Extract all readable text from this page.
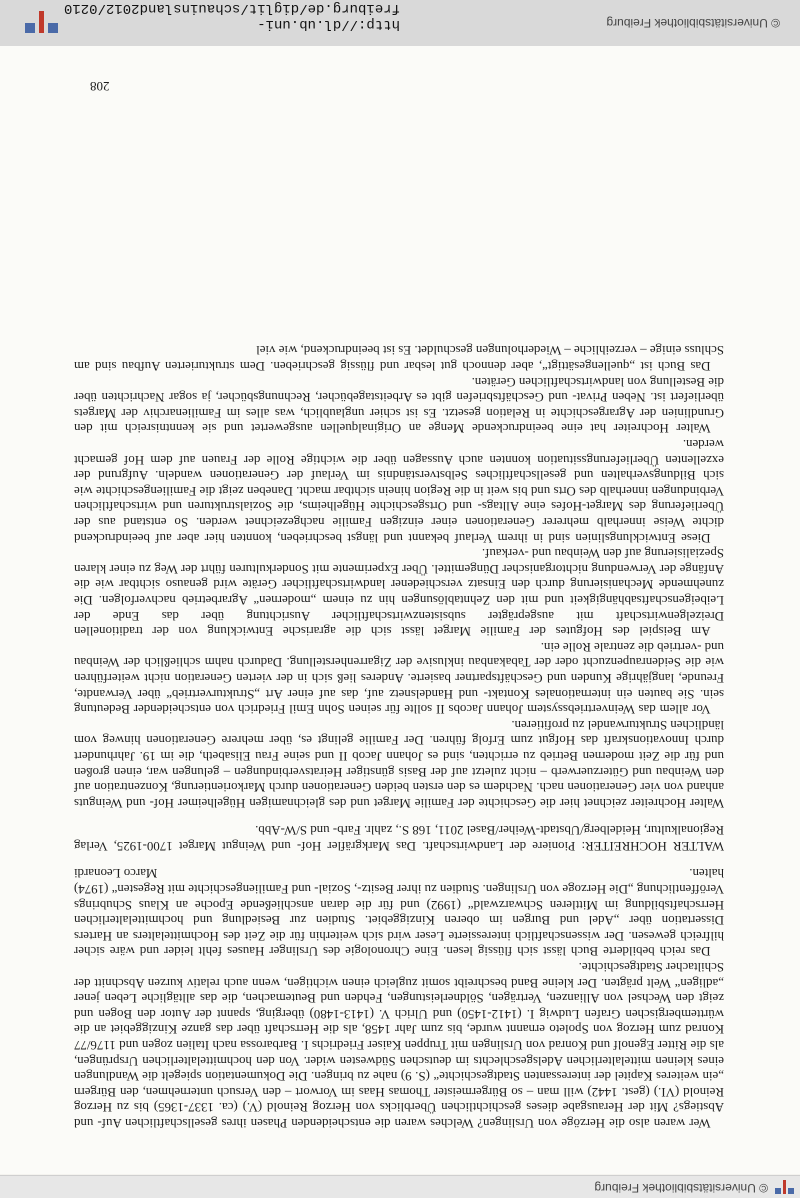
© Universitätsbibliothek Freiburg

Wer waren also die Herzöge von Urslingen? Welches waren die entscheidenden Phasen ihres gesellschaftlichen Auf- und Abstiegs? Mit der Herausgabe dieses geschichtlichen Überblicks von Herzog Reinold (V.) (ca. 1337-1365) bis zu Herzog Reinold (VI.) (gest. 1442) will man – so Bürgermeister Thomas Haas im Vorwort – den Versuch unternehmen, den Bürgern „ein weiteres Kapitel der interessanten Stadtgeschichte“ (S. 9) nahe zu bringen. Die Dokumentation spiegelt die Wandlungen eines kleinen mittelalterlichen Adelsgeschlechts im deutschen Südwesten wider. Von den hochmittelalterlichen Ursprüngen, als die Ritter Egenolf und Konrad von Urslingen mit Truppen Kaiser Friedrichs I. Barbarossa nach Italien zogen und 1176/77 Konrad zum Herzog von Spoleto ernannt wurde, bis zum Jahr 1458, als die Herrschaft über das ganze Kinziggebiet an die württembergischen Grafen Ludwig I. (1412-1450) und Ulrich V. (1413-1480) überging, spannt der Autor den Bogen und zeigt den Wechsel von Allianzen, Verträgen, Söldnerleistungen, Fehden und Beutemachen, die das alltägliche Leben jener „adligen“ Welt prägten. Der kleine Band beschreibt somit zugleich einen wichtigen, wenn auch relativ kurzen Abschnitt der Schiltacher Stadtgeschichte.

Das reich bebilderte Buch lässt sich flüssig lesen. Eine Chronologie des Urslinger Hauses fehlt leider und wäre sicher hilfreich gewesen. Der wissenschaftlich interessierte Leser wird sich weiterhin für die Zeit des Hochmittelalters an Harters Dissertation über „Adel und Burgen im oberen Kinziggebiet. Studien zur Besiedlung und hochmittelalterlichen Herrschaftsbildung im Mittleren Schwarzwald“ (1992) und für die daran anschließende Epoche an Klaus Schubrings Veröffentlichung „Die Herzoge von Urslingen. Studien zu ihrer Besitz-, Sozial- und Familiengeschichte mit Regesten“ (1974) halten.
Marco Leonardi

WALTER HOCHREITER: Pioniere der Landwirtschaft. Das Markgräfler Hof- und Weingut Marget 1700-1925, Verlag Regionalkultur, Heidelberg/Ubstadt-Weiher/Basel 2011, 168 S., zahlr. Farb- und S/W-Abb.

Walter Hochreiter zeichnet hier die Geschichte der Familie Marget und des gleichnamigen Hügelheimer Hof- und Weinguts anhand von vier Generationen nach. Nachdem es den ersten beiden Generationen durch Markorientierung, Konzentration auf den Weinbau und Güterzuerwerb – nicht zuletzt auf der Basis günstiger Heiratsverbindungen – gelungen war, einen großen und für die Zeit modernen Betrieb zu errichten, sind es Johann Jacob II und seine Frau Elisabeth, die im 19. Jahrhundert durch Innovationskraft das Hofgut zum Erfolg führen. Der Familie gelingt es, über mehrere Generationen hinweg vom ländlichen Strukturwandel zu profitieren.

Vor allem das Weinvertriebssystem Johann Jacobs II sollte für seinen Sohn Emil Friedrich von entscheidender Bedeutung sein. Sie bauten ein internationales Kontakt- und Handelsnetz auf, das auf einer Art „Strukturvertrieb“ über Verwandte, Freunde, langjährige Kunden und Geschäftspartner basierte. Anderes ließ sich in der vierten Generation nicht weiterführen wie die Seidenraupenzucht oder der Tabakanbau inklusive der Zigarrenherstellung. Dadurch nahm schließlich der Weinbau und -vertrieb die zentrale Rolle ein.

Am Beispiel des Hofgutes der Familie Marget lässt sich die agrarische Entwicklung von der traditionellen Dreizelgenwirtschaft mit ausgeprägter subsistenzwirtschaftlicher Ausrichtung über das Ende der Leibeigenschaftsabhängigkeit und mit den Zehntablösungen hin zu einem „modernen“ Agrarbetrieb nachverfolgen. Die zunehmende Mechanisierung durch den Einsatz verschiedener landwirtschaftlicher Geräte wird genauso sichtbar wie die Anfänge der Verwendung nichtorganischer Düngemittel. Über Experimente mit Sonderkulturen führt der Weg zu einer klaren Spezialisierung auf den Weinbau und -verkauf.

Diese Entwicklungslinien sind in ihrem Verlauf bekannt und längst beschrieben, konnten hier aber auf beeindruckend dichte Weise innerhalb mehrerer Generationen einer einzigen Familie nachgezeichnet werden. So entstand aus der Überlieferung des Marget-Hofes eine Alltags- und Ortsgeschichte Hügelheims, die Sozialstrukturen und wirtschaftlichen Verbindungen innerhalb des Orts und bis weit in die Region hinein sichtbar macht. Daneben zeigt die Familiengeschichte wie sich Bildungsverhalten und gesellschaftliches Selbstverständnis im Verlauf der Generationen wandeln. Aufgrund der exzellenten Überlieferungssituation konnten auch Aussagen über die wichtige Rolle der Frauen auf dem Hof gemacht werden.

Walter Hochreiter hat eine beeindruckende Menge an Originalquellen ausgewertet und sie kenntnisreich mit den Grundlinien der Agrargeschichte in Relation gesetzt. Es ist schier unglaublich, was alles im Familienarchiv der Margets überliefert ist. Neben Privat- und Geschäftsbriefen gibt es Arbeitstagebücher, Rechnungsbücher, ja sogar Nachrichten über die Bestellung von landwirtschaftlichen Geräten.

Das Buch ist „quellengesättigt“, aber dennoch gut lesbar und flüssig geschrieben. Dem strukturierten Aufbau sind am Schluss einige – verzeihliche – Wiederholungen geschuldet. Es ist beeindruckend, wie viel

208
© Universitätsbibliothek Freiburg
http://dl.ub.uni-freiburg.de/diglit/schauinsland2012/0210
